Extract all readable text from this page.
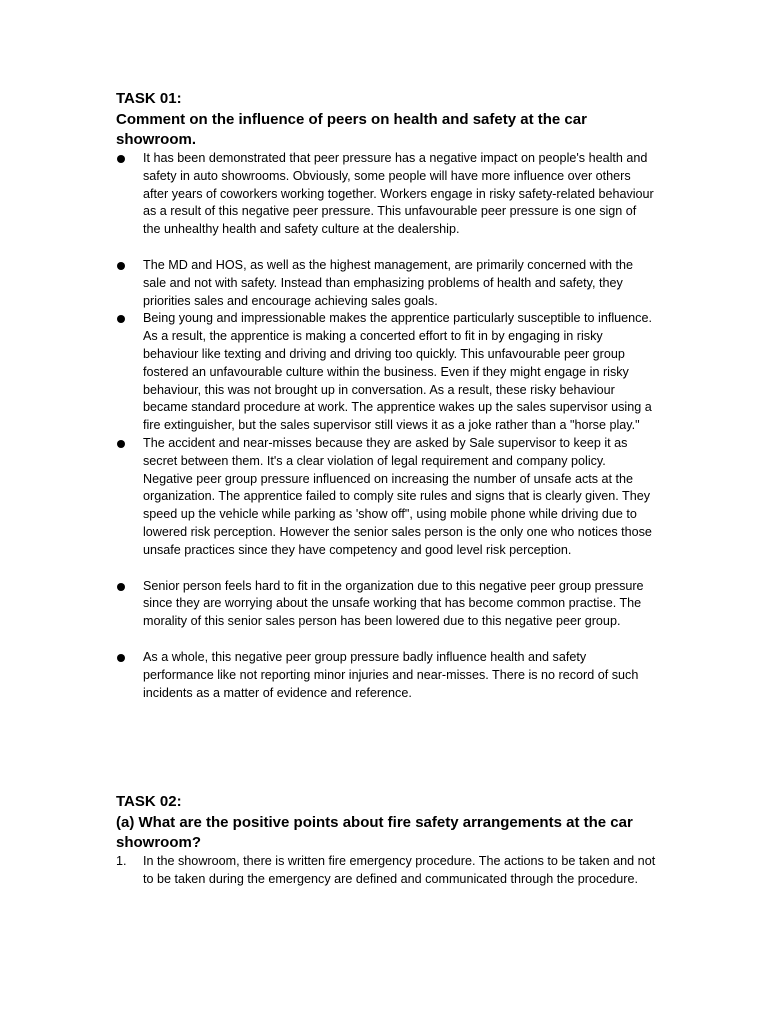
TASK 01:

Comment on the influence of peers on health and safety at the car showroom.

It has been demonstrated that peer pressure has a negative impact on people's health and safety in auto showrooms. Obviously, some people will have more influence over others after years of coworkers working together. Workers engage in risky safety-related behaviour as a result of this negative peer pressure. This unfavourable peer pressure is one sign of the unhealthy health and safety culture at the dealership.
The MD and HOS, as well as the highest management, are primarily concerned with the sale and not with safety. Instead than emphasizing problems of health and safety, they priorities sales and encourage achieving sales goals.
Being young and impressionable makes the apprentice particularly susceptible to influence. As a result, the apprentice is making a concerted effort to fit in by engaging in risky behaviour like texting and driving and driving too quickly. This unfavourable peer group fostered an unfavourable culture within the business. Even if they might engage in risky behaviour, this was not brought up in conversation. As a result, these risky behaviour became standard procedure at work. The apprentice wakes up the sales supervisor using a fire extinguisher, but the sales supervisor still views it as a joke rather than a "horse play."
The accident and near-misses because they are asked by Sale supervisor to keep it as secret between them. It's a clear violation of legal requirement and company policy. Negative peer group pressure influenced on increasing the number of unsafe acts at the organization. The apprentice failed to comply site rules and signs that is clearly given. They speed up the vehicle while parking as 'show off", using mobile phone while driving due to lowered risk perception. However the senior sales person is the only one who notices those unsafe practices since they have competency and good level risk perception.
Senior person feels hard to fit in the organization due to this negative peer group pressure since they are worrying about the unsafe working that has become common practise. The morality of this senior sales person has been lowered due to this negative peer group.
As a whole, this negative peer group pressure badly influence health and safety performance like not reporting minor injuries and near-misses. There is no record of such incidents as a matter of evidence and reference.

TASK 02:

(a) What are the positive points about fire safety arrangements at the car showroom?

1. In the showroom, there is written fire emergency procedure. The actions to be taken and not to be taken during the emergency are defined and communicated through the procedure.
